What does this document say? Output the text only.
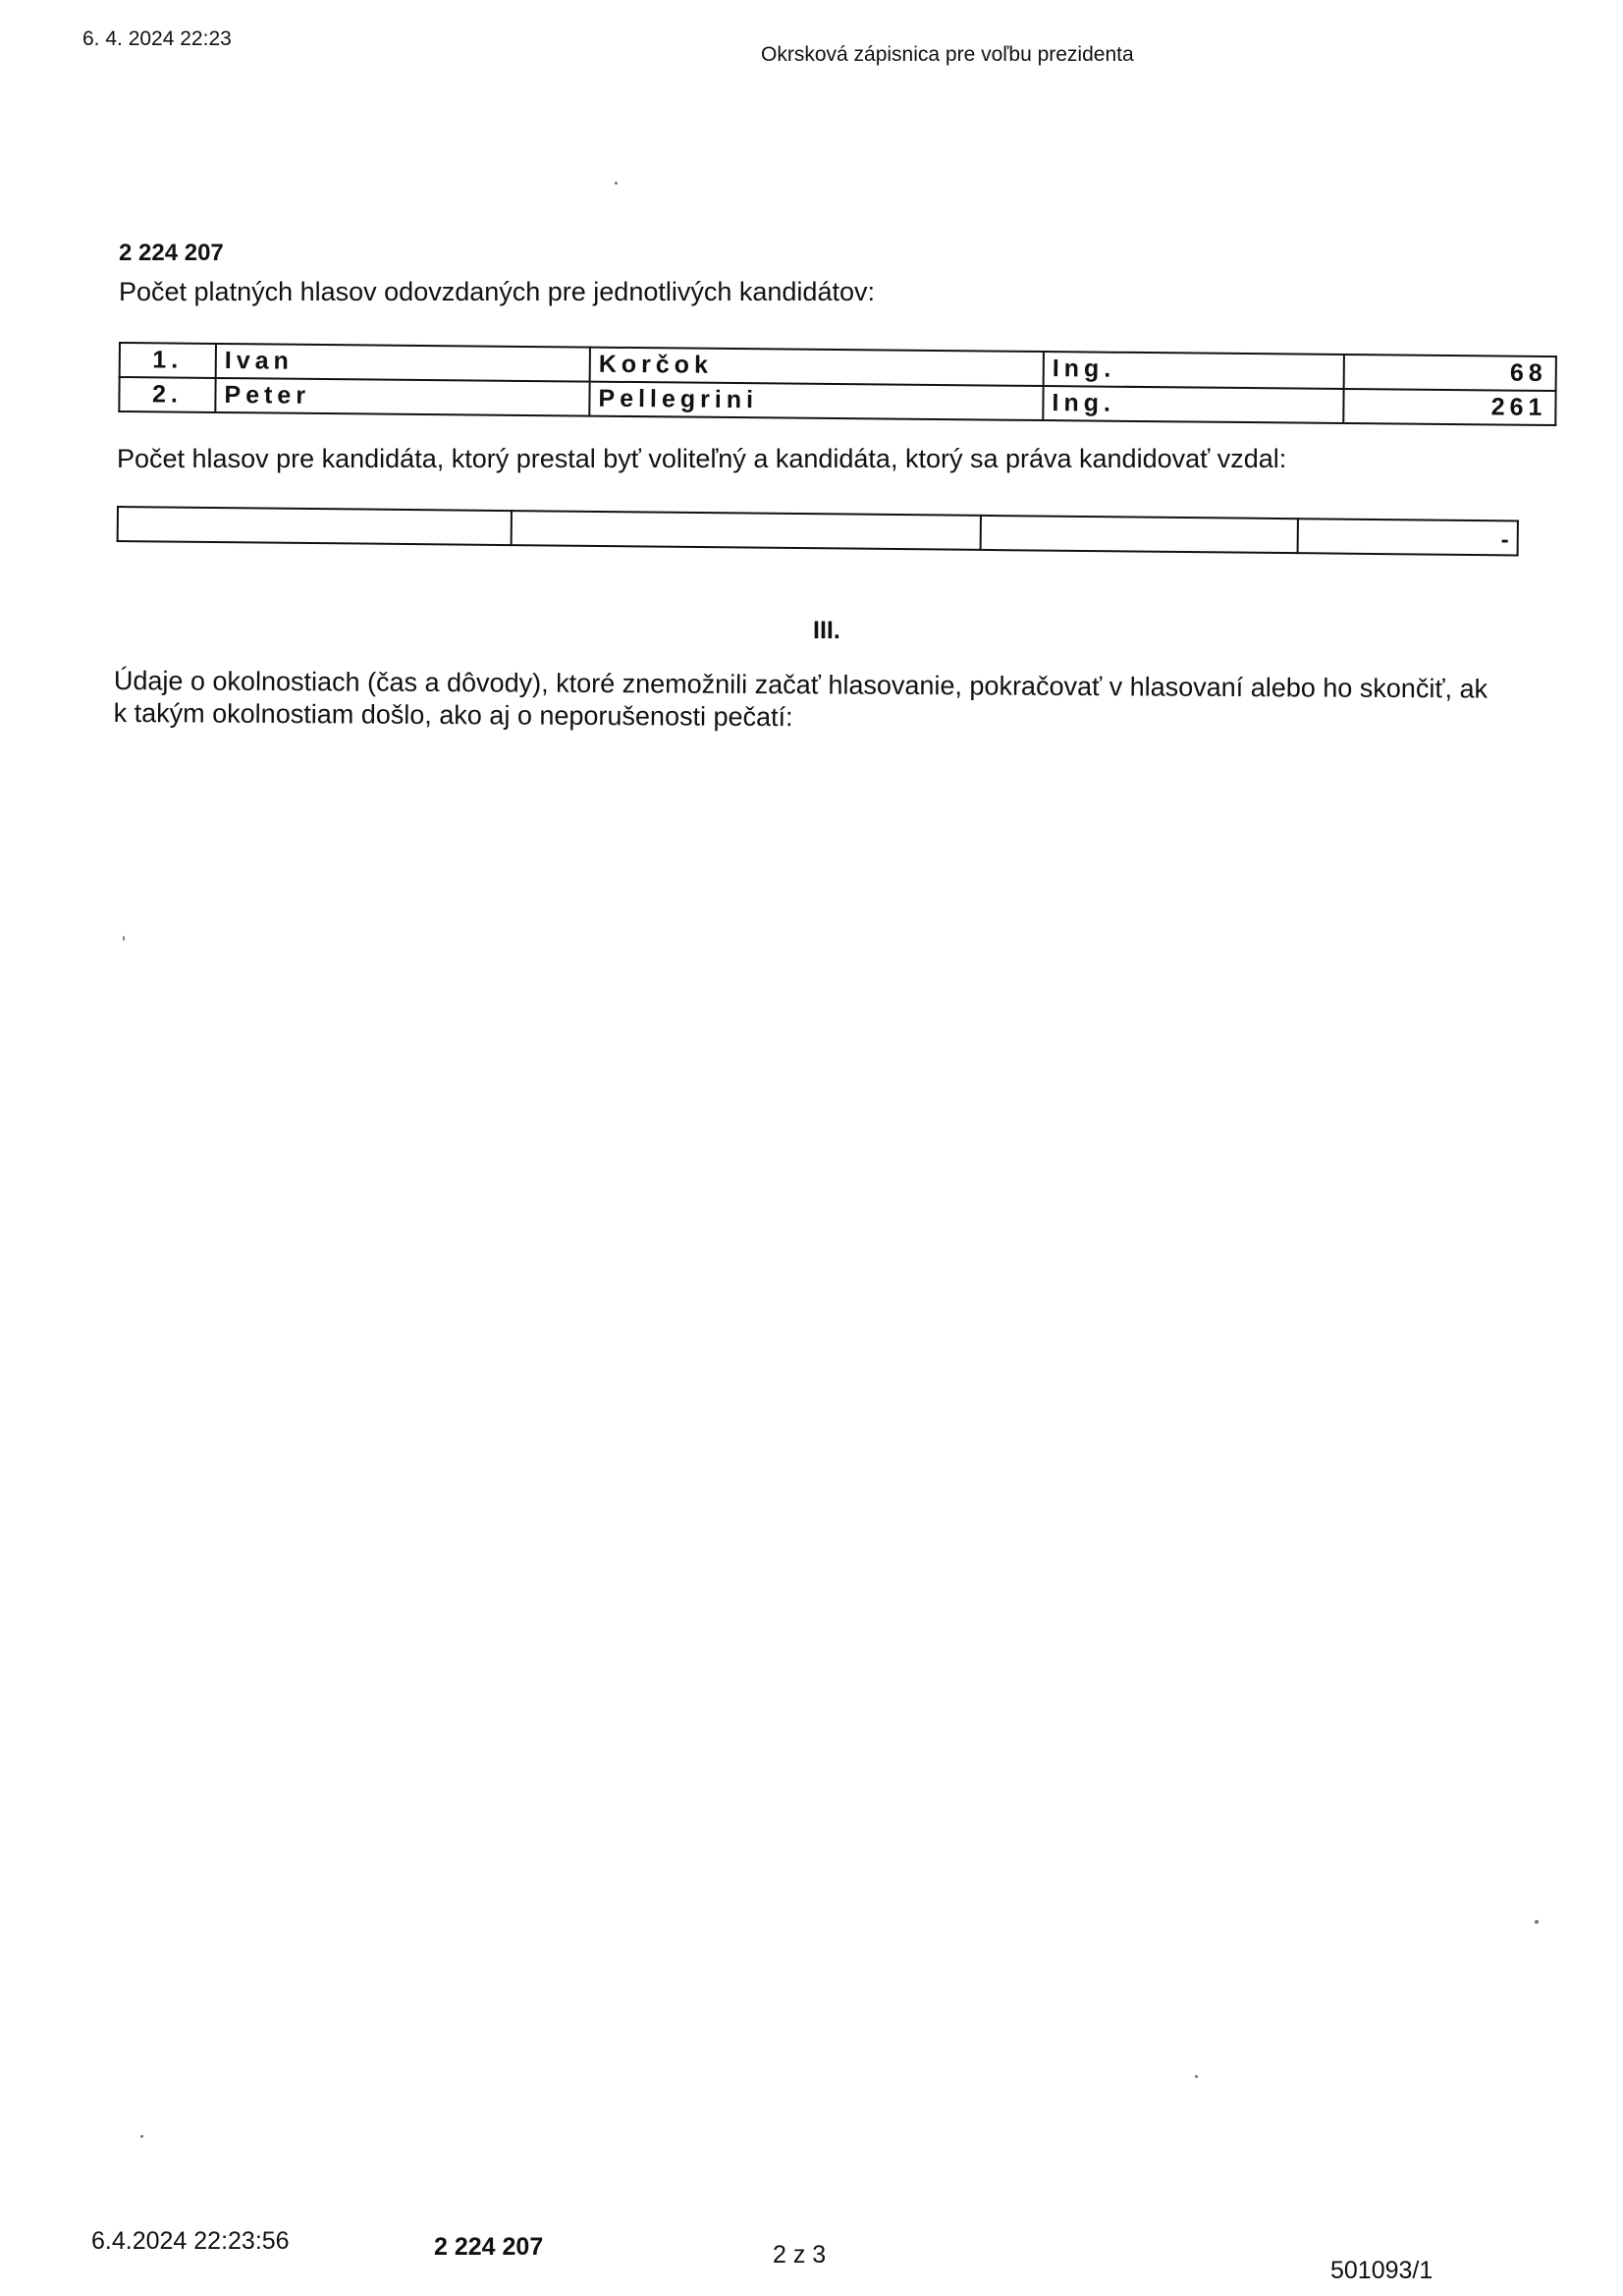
6. 4. 2024 22:23
Okrsková zápisnica pre voľbu prezidenta
2 224 207
Počet platných hlasov odovzdaných pre jednotlivých kandidátov:
1.	Ivan	Korčok	Ing.	68
2.	Peter	Pellegrini	Ing.	261
Počet hlasov pre kandidáta, ktorý prestal byť voliteľný a kandidáta, ktorý sa práva kandidovať vzdal:
			-
III.
Údaje o okolnostiach (čas a dôvody), ktoré znemožnili začať hlasovanie, pokračovať v hlasovaní alebo ho skončiť, ak k takým okolnostiam došlo, ako aj o neporušenosti pečatí:
6.4.2024 22:23:56	2 224 207	2 z 3
501093/1
